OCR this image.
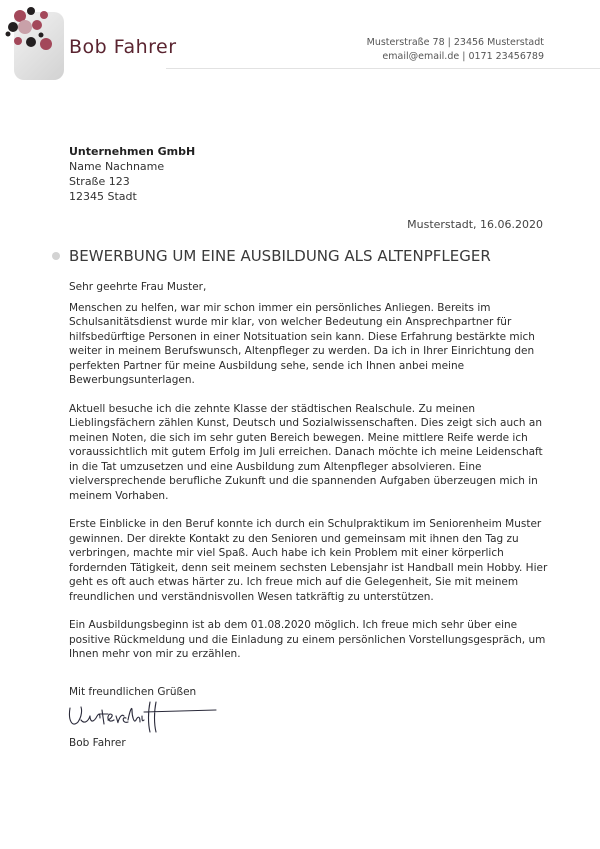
Bob Fahrer	Musterstraße 78 | 23456 Musterstadt
email@email.de | 0171 23456789
Unternehmen GmbH
Name Nachname
Straße 123
12345 Stadt
Musterstadt, 16.06.2020
BEWERBUNG UM EINE AUSBILDUNG ALS ALTENPFLEGER

Sehr geehrte Frau Muster,

Menschen zu helfen, war mir schon immer ein persönliches Anliegen. Bereits im Schulsanitätsdienst wurde mir klar, von welcher Bedeutung ein Ansprechpartner für hilfsbedürftige Personen in einer Notsituation sein kann. Diese Erfahrung bestärkte mich weiter in meinem Berufswunsch, Altenpfleger zu werden. Da ich in Ihrer Einrichtung den perfekten Partner für meine Ausbildung sehe, sende ich Ihnen anbei meine Bewerbungsunterlagen.

Aktuell besuche ich die zehnte Klasse der städtischen Realschule. Zu meinen Lieblingsfächern zählen Kunst, Deutsch und Sozialwissenschaften. Dies zeigt sich auch an meinen Noten, die sich im sehr guten Bereich bewegen. Meine mittlere Reife werde ich voraussichtlich mit gutem Erfolg im Juli erreichen. Danach möchte ich meine Leidenschaft in die Tat umzusetzen und eine Ausbildung zum Altenpfleger absolvieren. Eine vielversprechende berufliche Zukunft und die spannenden Aufgaben überzeugen mich in meinem Vorhaben.

Erste Einblicke in den Beruf konnte ich durch ein Schulpraktikum im Seniorenheim Muster gewinnen. Der direkte Kontakt zu den Senioren und gemeinsam mit ihnen den Tag zu verbringen, machte mir viel Spaß. Auch habe ich kein Problem mit einer körperlich fordernden Tätigkeit, denn seit meinem sechsten Lebensjahr ist Handball mein Hobby. Hier geht es oft auch etwas härter zu. Ich freue mich auf die Gelegenheit, Sie mit meinem freundlichen und verständnisvollen Wesen tatkräftig zu unterstützen.

Ein Ausbildungsbeginn ist ab dem 01.08.2020 möglich. Ich freue mich sehr über eine positive Rückmeldung und die Einladung zu einem persönlichen Vorstellungsgespräch, um Ihnen mehr von mir zu erzählen.

Mit freundlichen Grüßen
Bob Fahrer
